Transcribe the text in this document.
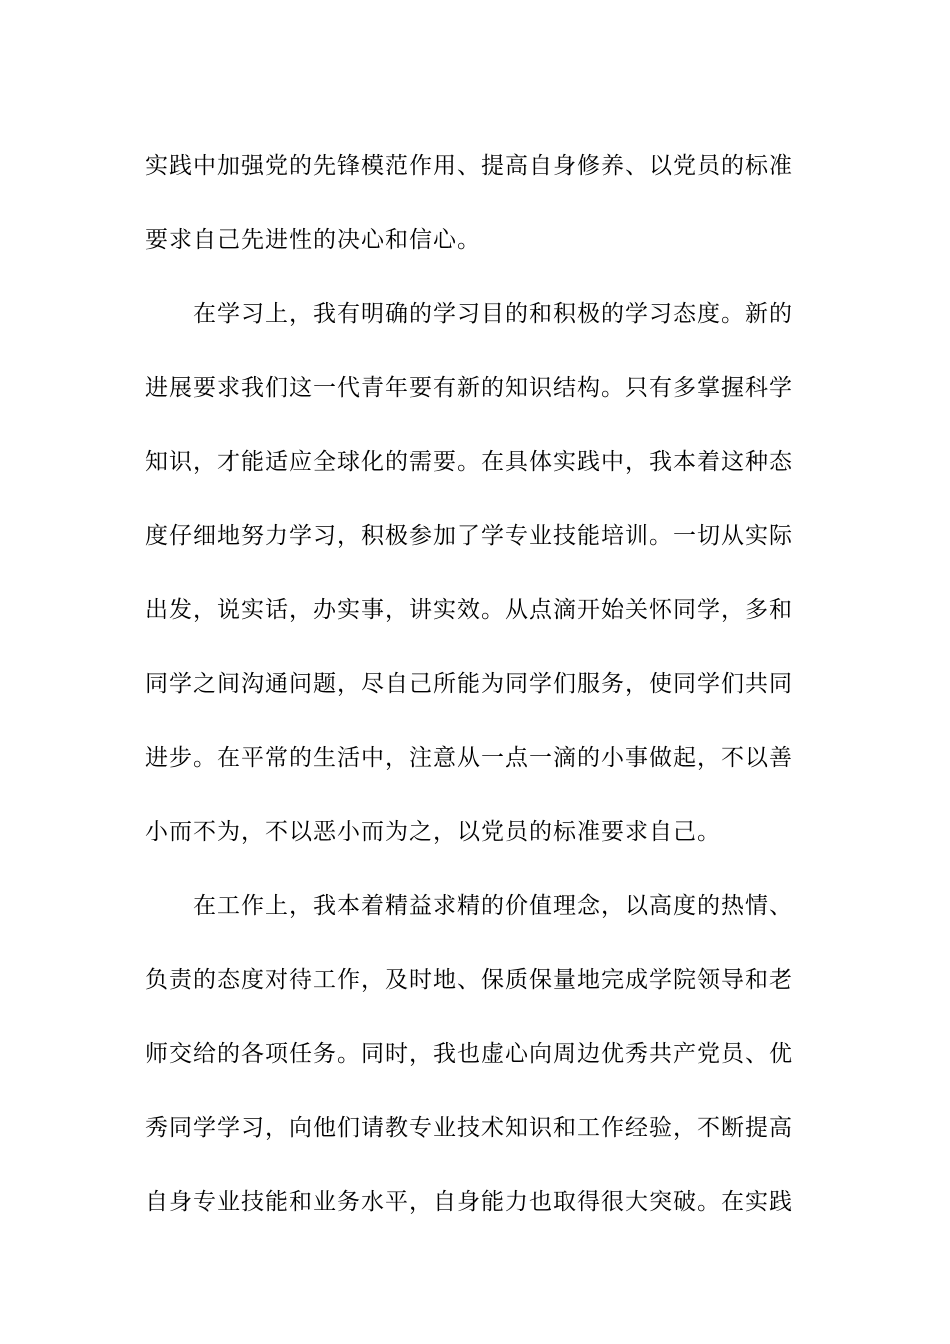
实践中加强党的先锋模范作用、提高自身修养、以党员的标准
要求自己先进性的决心和信心。
在学习上，我有明确的学习目的和积极的学习态度。新的
进展要求我们这一代青年要有新的知识结构。只有多掌握科学
知识，才能适应全球化的需要。在具体实践中，我本着这种态
度仔细地努力学习，积极参加了学专业技能培训。一切从实际
出发，说实话，办实事，讲实效。从点滴开始关怀同学，多和
同学之间沟通问题，尽自己所能为同学们服务，使同学们共同
进步。在平常的生活中，注意从一点一滴的小事做起，不以善
小而不为，不以恶小而为之，以党员的标准要求自己。
在工作上，我本着精益求精的价值理念，以高度的热情、
负责的态度对待工作，及时地、保质保量地完成学院领导和老
师交给的各项任务。同时，我也虚心向周边优秀共产党员、优
秀同学学习，向他们请教专业技术知识和工作经验，不断提高
自身专业技能和业务水平，自身能力也取得很大突破。在实践
